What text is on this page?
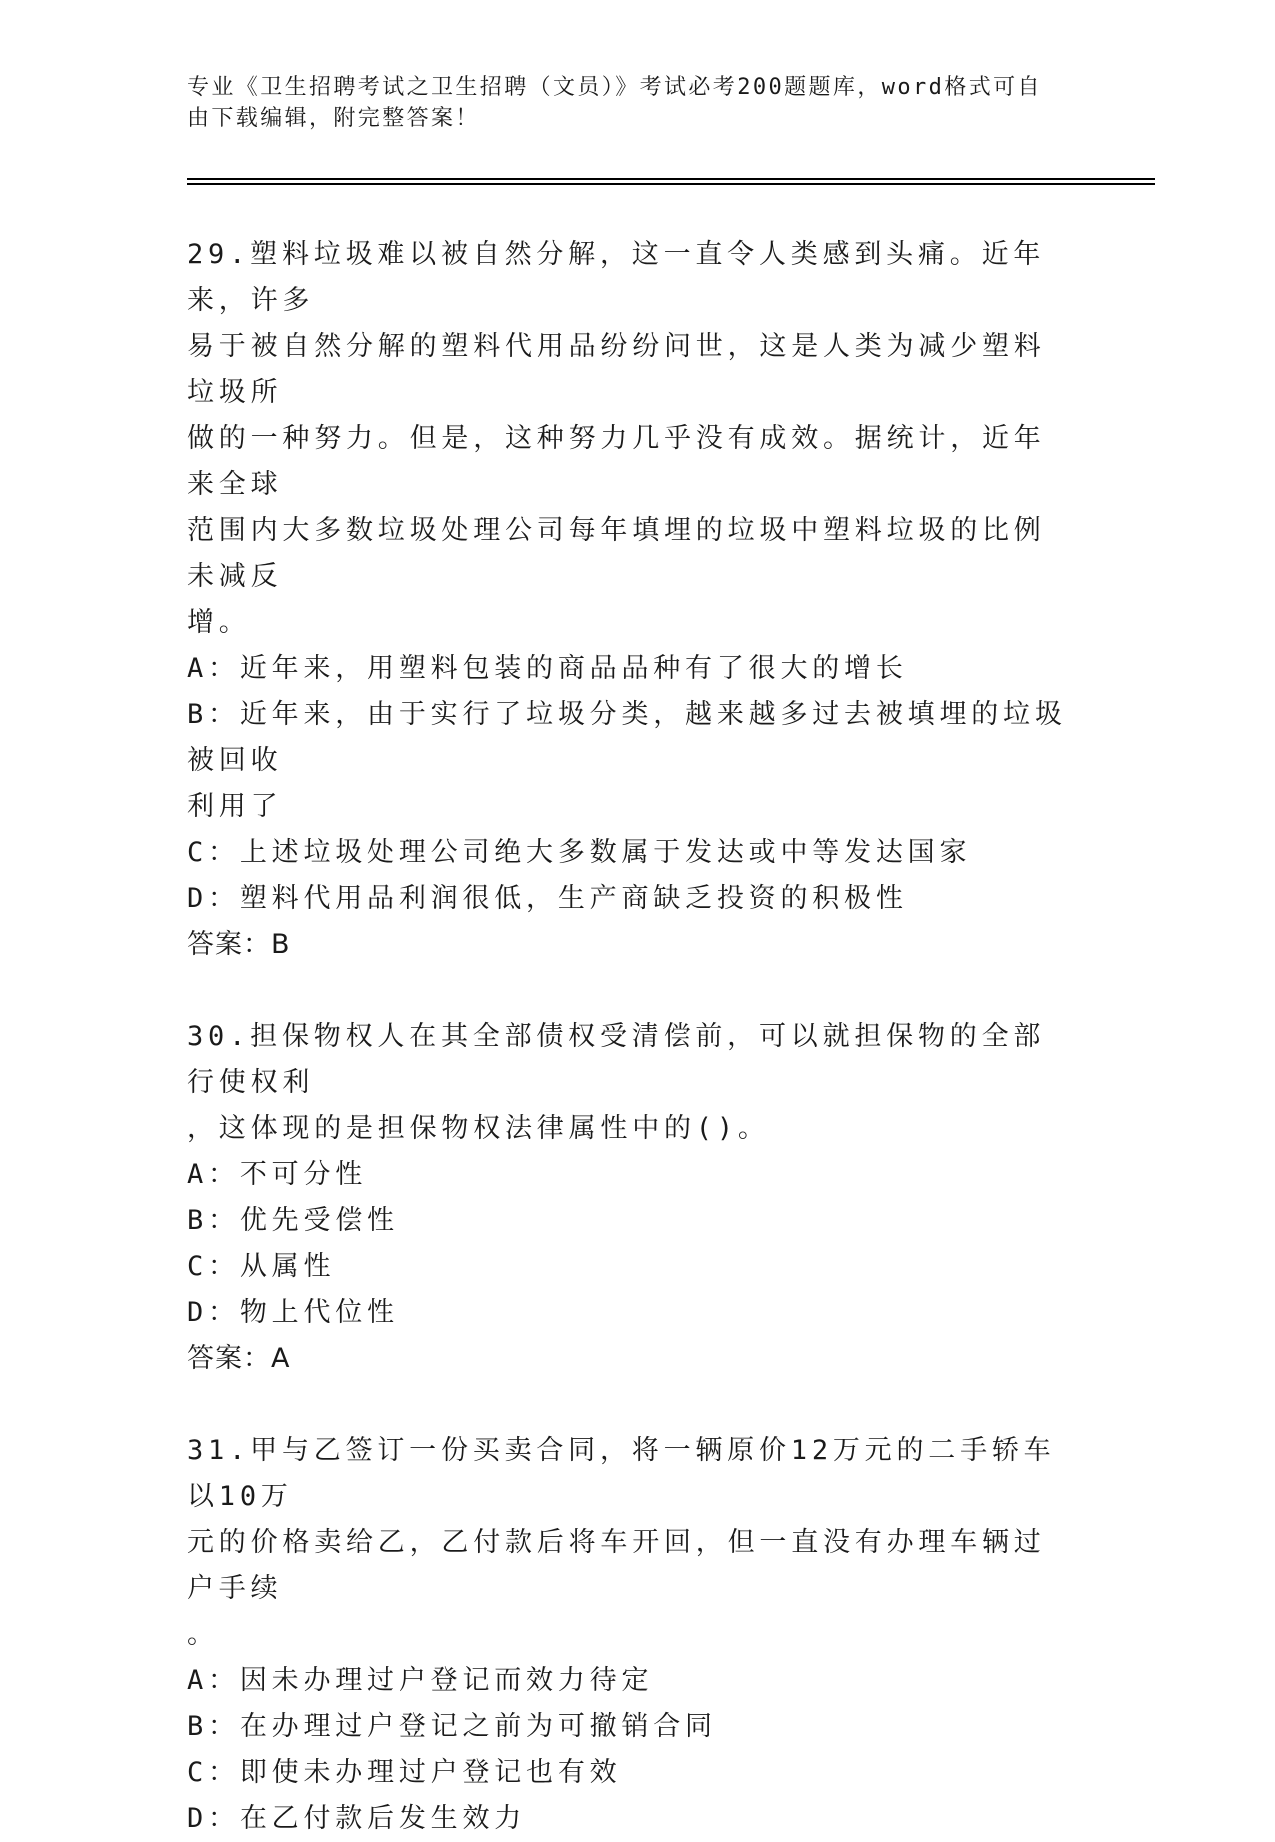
专业《卫生招聘考试之卫生招聘（文员）》考试必考200题题库，word格式可自
由下载编辑，附完整答案！
29.塑料垃圾难以被自然分解，这一直令人类感到头痛。近年来，许多
易于被自然分解的塑料代用品纷纷问世，这是人类为减少塑料垃圾所
做的一种努力。但是，这种努力几乎没有成效。据统计，近年来全球
范围内大多数垃圾处理公司每年填埋的垃圾中塑料垃圾的比例未减反
增。
A：近年来，用塑料包装的商品品种有了很大的增长
B：近年来，由于实行了垃圾分类，越来越多过去被填埋的垃圾被回收
利用了
C：上述垃圾处理公司绝大多数属于发达或中等发达国家
D：塑料代用品利润很低，生产商缺乏投资的积极性
答案：B
30.担保物权人在其全部债权受清偿前，可以就担保物的全部行使权利
，这体现的是担保物权法律属性中的()。
A：不可分性
B：优先受偿性
C：从属性
D：物上代位性
答案：A
31.甲与乙签订一份买卖合同，将一辆原价12万元的二手轿车以10万
元的价格卖给乙，乙付款后将车开回，但一直没有办理车辆过户手续
。
A：因未办理过户登记而效力待定
B：在办理过户登记之前为可撤销合同
C：即使未办理过户登记也有效
D：在乙付款后发生效力
